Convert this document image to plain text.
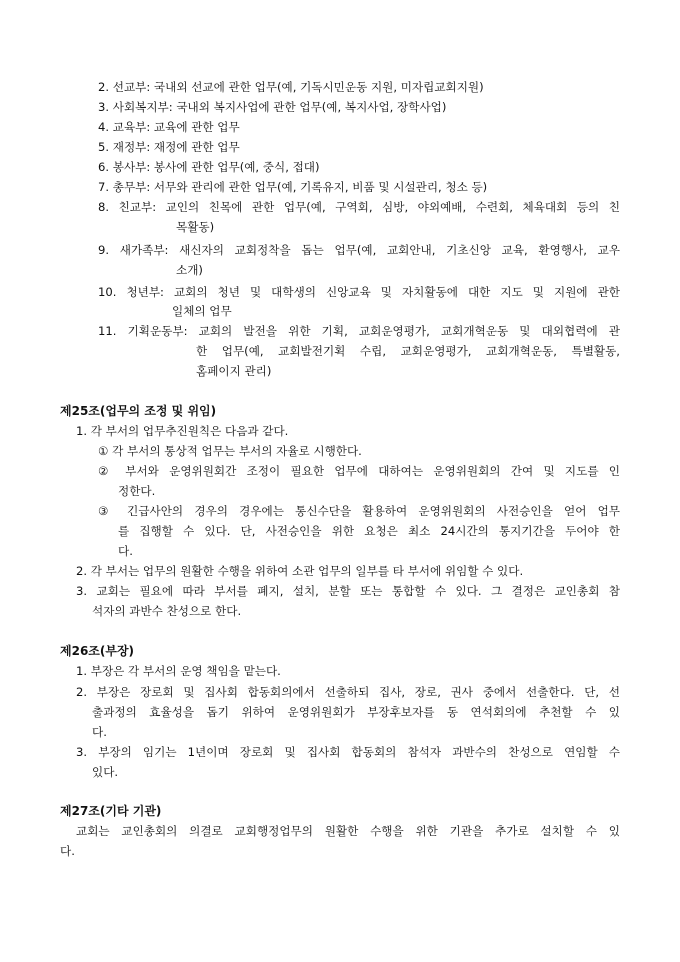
2. 선교부: 국내외 선교에 관한 업무(예, 기독시민운동 지원, 미자립교회지원)
3. 사회복지부: 국내외 복지사업에 관한 업무(예, 복지사업, 장학사업)
4. 교육부: 교육에 관한 업무
5. 재정부: 재정에 관한 업무
6. 봉사부: 봉사에 관한 업무(예, 중식, 접대)
7. 총무부: 서무와 관리에 관한 업무(예, 기록유지, 비품 및 시설관리, 청소 등)
8. 친교부: 교인의 친목에 관한 업무(예, 구역회, 심방, 야외예배, 수련회, 체육대회 등의 친
목활동)
9. 새가족부: 새신자의 교회정착을 돕는 업무(예, 교회안내, 기초신앙 교육, 환영행사, 교우
소개)
10. 청년부: 교회의 청년 및 대학생의 신앙교육 및 자치활동에 대한 지도 및 지원에 관한
일체의 업무
11. 기획운동부: 교회의 발전을 위한 기획, 교회운영평가, 교회개혁운동 및 대외협력에 관
한 업무(예, 교회발전기획 수립, 교회운영평가, 교회개혁운동, 특별활동,
홈페이지 관리)
제25조(업무의 조정 및 위임)
1. 각 부서의 업무추진원칙은 다음과 같다.
① 각 부서의 통상적 업무는 부서의 자율로 시행한다.
② 부서와 운영위원회간 조정이 필요한 업무에 대하여는 운영위원회의 간여 및 지도를 인
정한다.
③ 긴급사안의 경우의 경우에는 통신수단을 활용하여 운영위원회의 사전승인을 얻어 업무
를 집행할 수 있다. 단, 사전승인을 위한 요청은 최소 24시간의 통지기간을 두어야 한
다.
2. 각 부서는 업무의 원활한 수행을 위하여 소관 업무의 일부를 타 부서에 위임할 수 있다.
3. 교회는 필요에 따라 부서를 폐지, 설치, 분할 또는 통합할 수 있다. 그 결정은 교인총회 참
석자의 과반수 찬성으로 한다.
제26조(부장)
1. 부장은 각 부서의 운영 책임을 맡는다.
2. 부장은 장로회 및 집사회 합동회의에서 선출하되 집사, 장로, 권사 중에서 선출한다. 단, 선
출과정의 효율성을 돕기 위하여 운영위원회가 부장후보자를 동 연석회의에 추천할 수 있
다.
3. 부장의 임기는 1년이며 장로회 및 집사회 합동회의 참석자 과반수의 찬성으로 연임할 수
있다.
제27조(기타 기관)
교회는 교인총회의 의결로 교회행정업무의 원활한 수행을 위한 기관을 추가로 설치할 수 있
다.
